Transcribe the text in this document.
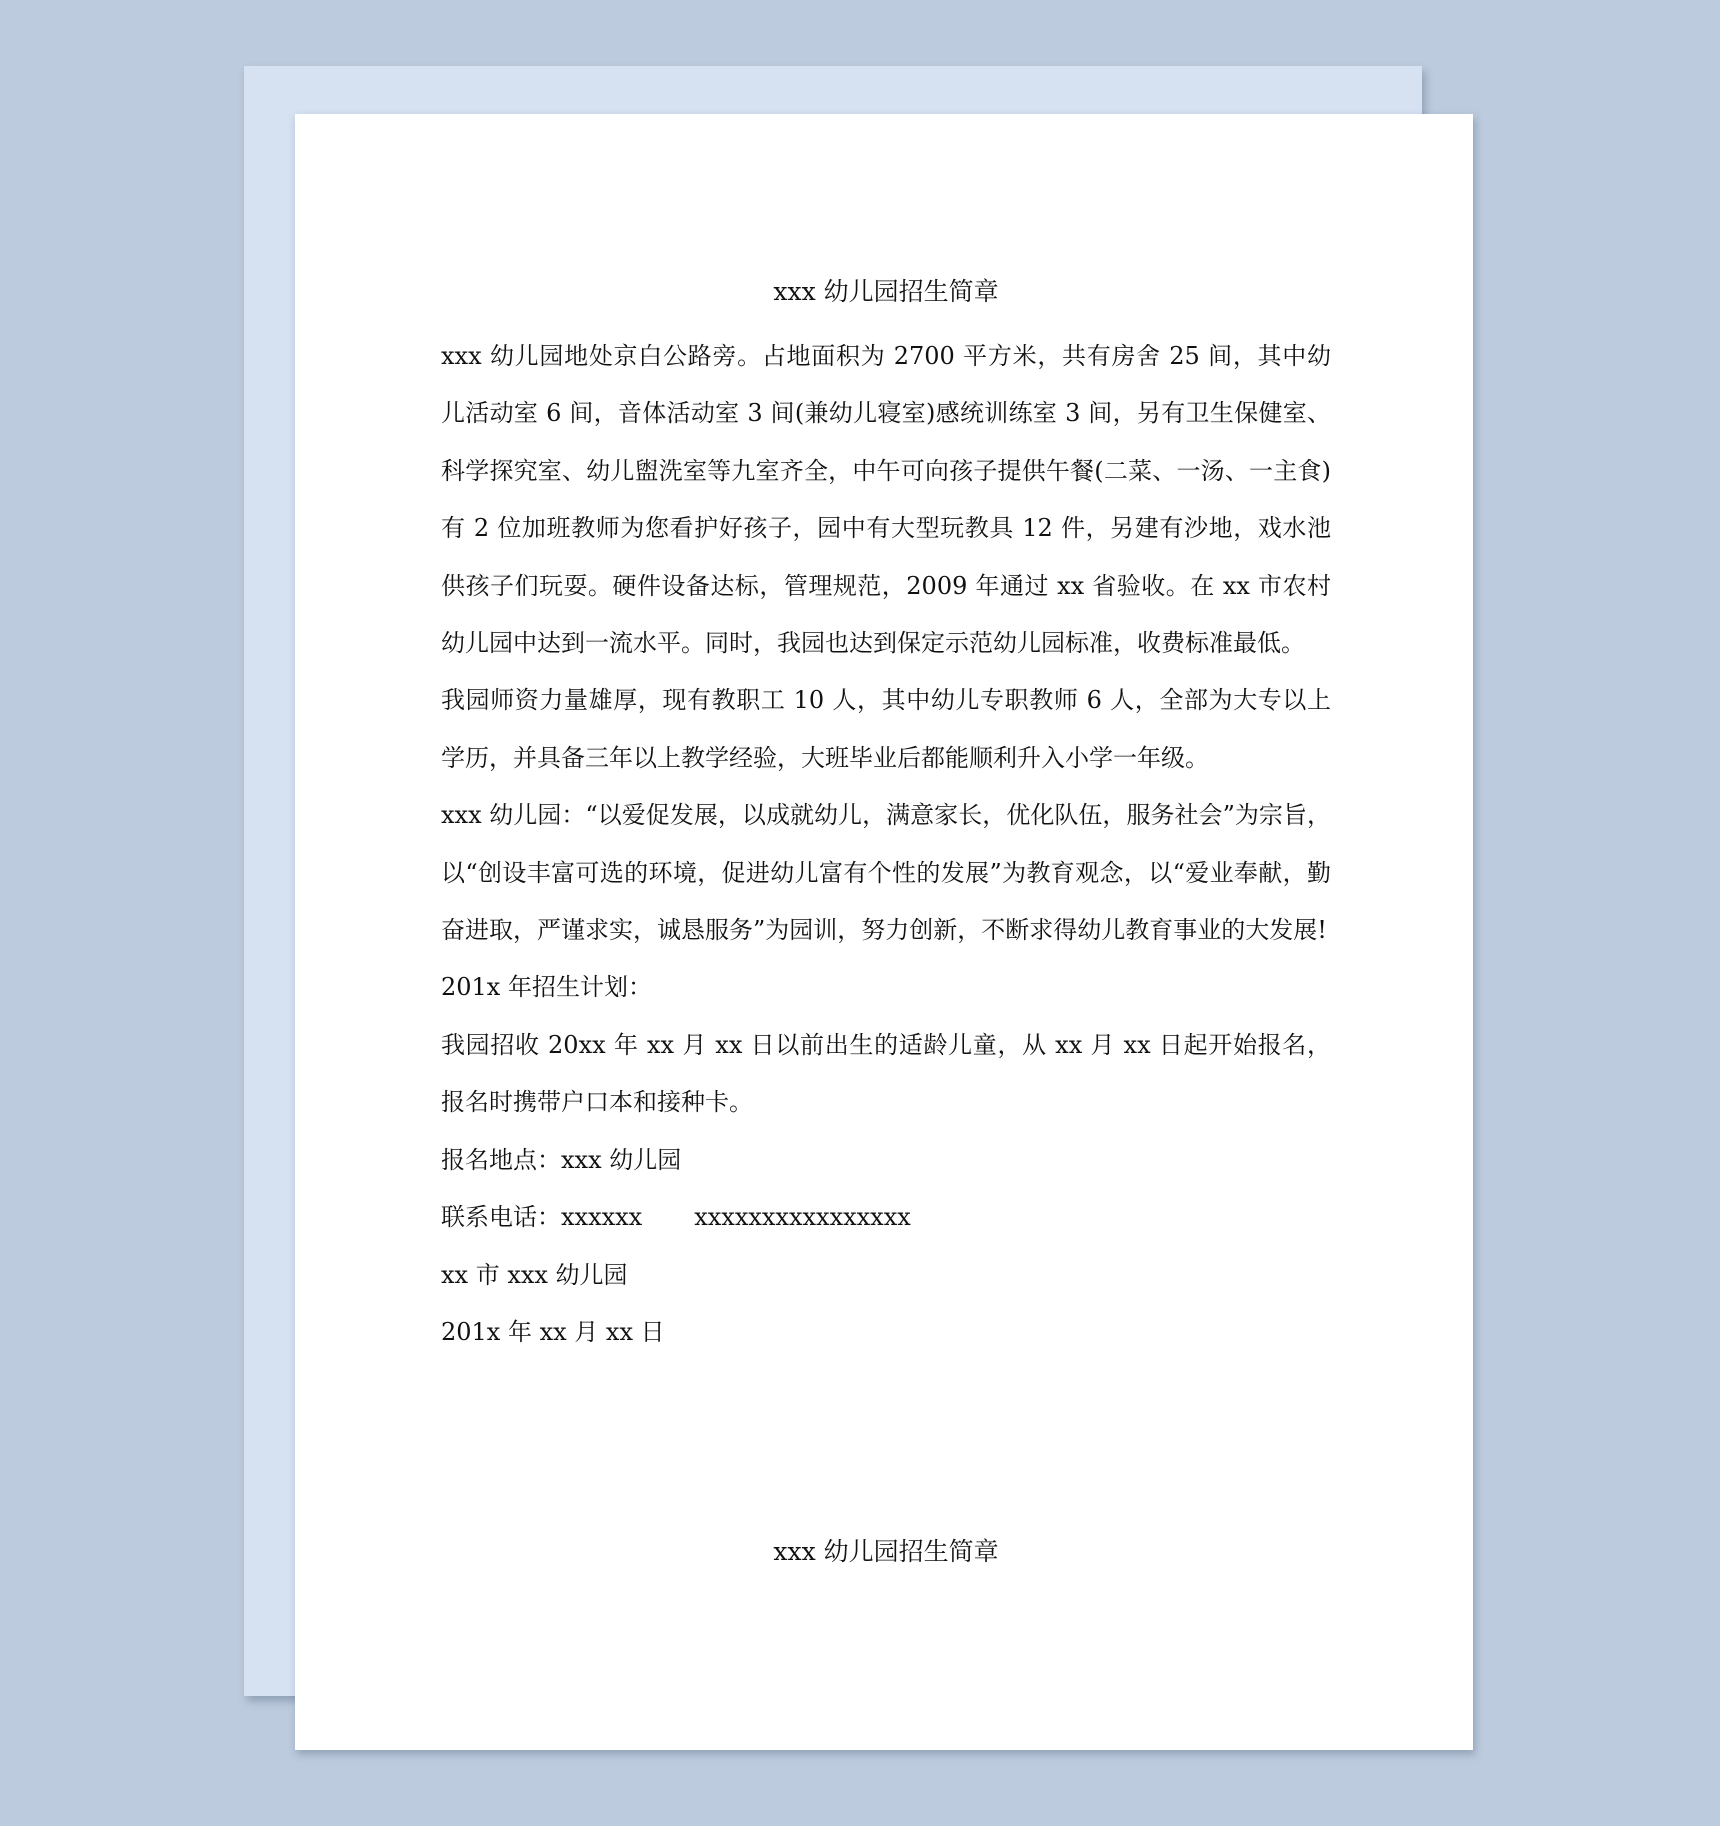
xxx 幼儿园招生简章

xxx 幼儿园地处京白公路旁。占地面积为 2700 平方米，共有房舍 25 间，其中幼儿活动室 6 间，音体活动室 3 间(兼幼儿寝室)感统训练室 3 间，另有卫生保健室、科学探究室、幼儿盥洗室等九室齐全，中午可向孩子提供午餐(二菜、一汤、一主食)有 2 位加班教师为您看护好孩子，园中有大型玩教具 12 件，另建有沙地，戏水池供孩子们玩耍。硬件设备达标，管理规范，2009 年通过 xx 省验收。在 xx 市农村幼儿园中达到一流水平。同时，我园也达到保定示范幼儿园标准，收费标准最低。

我园师资力量雄厚，现有教职工 10 人，其中幼儿专职教师 6 人，全部为大专以上学历，并具备三年以上教学经验，大班毕业后都能顺利升入小学一年级。

xxx 幼儿园：“以爱促发展，以成就幼儿，满意家长，优化队伍，服务社会”为宗旨，以“创设丰富可选的环境，促进幼儿富有个性的发展”为教育观念，以“爱业奉献，勤奋进取，严谨求实，诚恳服务”为园训，努力创新，不断求得幼儿教育事业的大发展!

201x 年招生计划：

我园招收 20xx 年 xx 月 xx 日以前出生的适龄儿童，从 xx 月 xx 日起开始报名，报名时携带户口本和接种卡。

报名地点：xxx 幼儿园

联系电话：xxxxxx xxxxxxxxxxxxxxxx

xx 市 xxx 幼儿园

201x 年 xx 月 xx 日

xxx 幼儿园招生简章
